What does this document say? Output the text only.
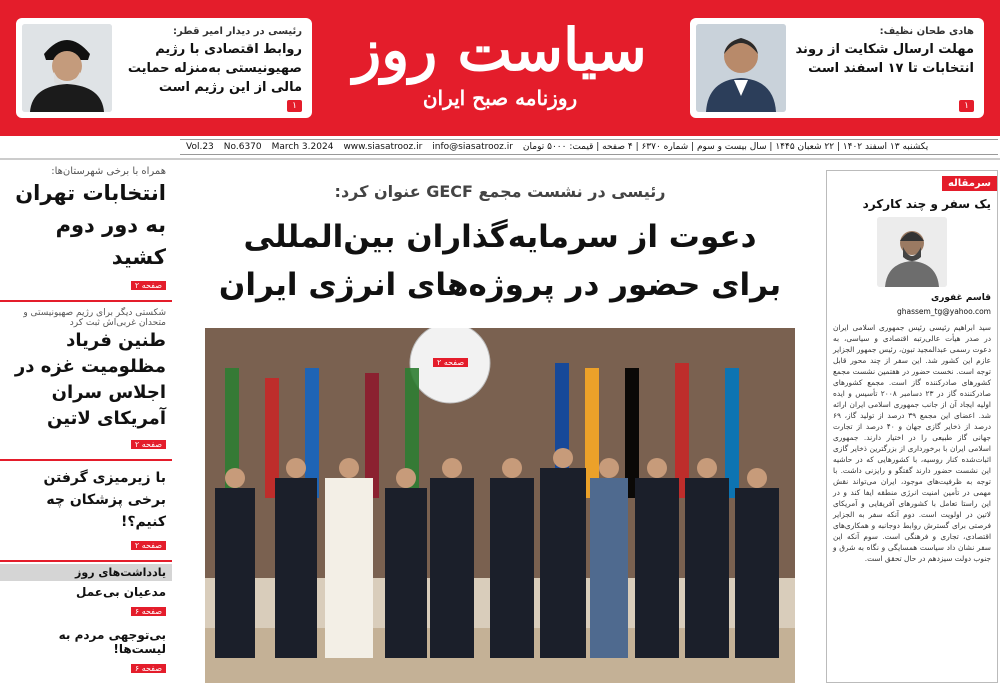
سیاست روز
روزنامه صبح ایران
هادی طحان نظیف:
مهلت ارسال شکایت از روند انتخابات تا ۱۷ اسفند است
۱
رئیسی در دیدار امیر قطر:
روابط اقتصادی با رژیم صهیونیستی به‌منزله حمایت مالی از این رژیم است
۱
Vol.23 No.6370 March 3.2024 www.siasatrooz.ir info@siasatrooz.ir یکشنبه ۱۳ اسفند ۱۴۰۲ | ۲۲ شعبان ۱۴۴۵ | سال بیست و سوم | شماره ۶۳۷۰ | ۴ صفحه | قیمت: ۵۰۰۰ تومان
همراه با برخی شهرستان‌ها:
انتخابات تهران به دور دوم کشید
صفحه ۲
شکستی دیگر برای رژیم صهیونیستی و متحدان غربی‌اش ثبت کرد
طنین فریاد مظلومیت غزه در اجلاس سران آمریکای لاتین
صفحه ۲
با زیرمیزی گرفتن برخی پزشکان چه کنیم؟!
صفحه ۲
یادداشت‌های روز
مدعیان بی‌عمل
صفحه ۶
بی‌توجهی مردم به لیست‌ها!
صفحه ۶
رئیسی در نشست مجمع GECF عنوان کرد:
دعوت از سرمایه‌گذاران بین‌المللی
برای حضور در پروژه‌های انرژی ایران
صفحه ۲
سرمقاله
یک سفر و چند کارکرد
قاسم غفوری
ghassem_tg@yahoo.com
سید ابراهیم رئیسی رئیس جمهوری اسلامی ایران در صدر هیأت عالی‌رتبه اقتصادی و سیاسی، به دعوت رسمی عبدالمجید تبون، رئیس جمهور الجزایر عازم این کشور شد. این سفر از چند محور قابل توجه است. نخست حضور در هفتمین نشست مجمع کشورهای صادرکننده گاز است. مجمع کشورهای صادرکننده گاز در ۲۳ دسامبر ۲۰۰۸ تأسیس و ایده اولیه ایجاد آن از جانب جمهوری اسلامی ایران ارائه شد. اعضای این مجمع ۳۹ درصد از تولید گاز، ۶۹ درصد از ذخایر گازی جهان و ۴۰ درصد از تجارت جهانی گاز طبیعی را در اختیار دارند. جمهوری اسلامی ایران با برخورداری از بزرگترین ذخایر گازی اثبات‌شده کنار روسیه، با کشورهایی که در حاشیه این نشست حضور دارند گفتگو و رایزنی داشت. با توجه به ظرفیت‌های موجود، ایران می‌تواند نقش مهمی در تأمین امنیت انرژی منطقه ایفا کند و در این راستا تعامل با کشورهای آفریقایی و آمریکای لاتین در اولویت است. دوم آنکه سفر به الجزایر فرصتی برای گسترش روابط دوجانبه و همکاری‌های اقتصادی، تجاری و فرهنگی است. سوم آنکه این سفر نشان داد سیاست همسایگی و نگاه به شرق و جنوب دولت سیزدهم در حال تحقق است.
